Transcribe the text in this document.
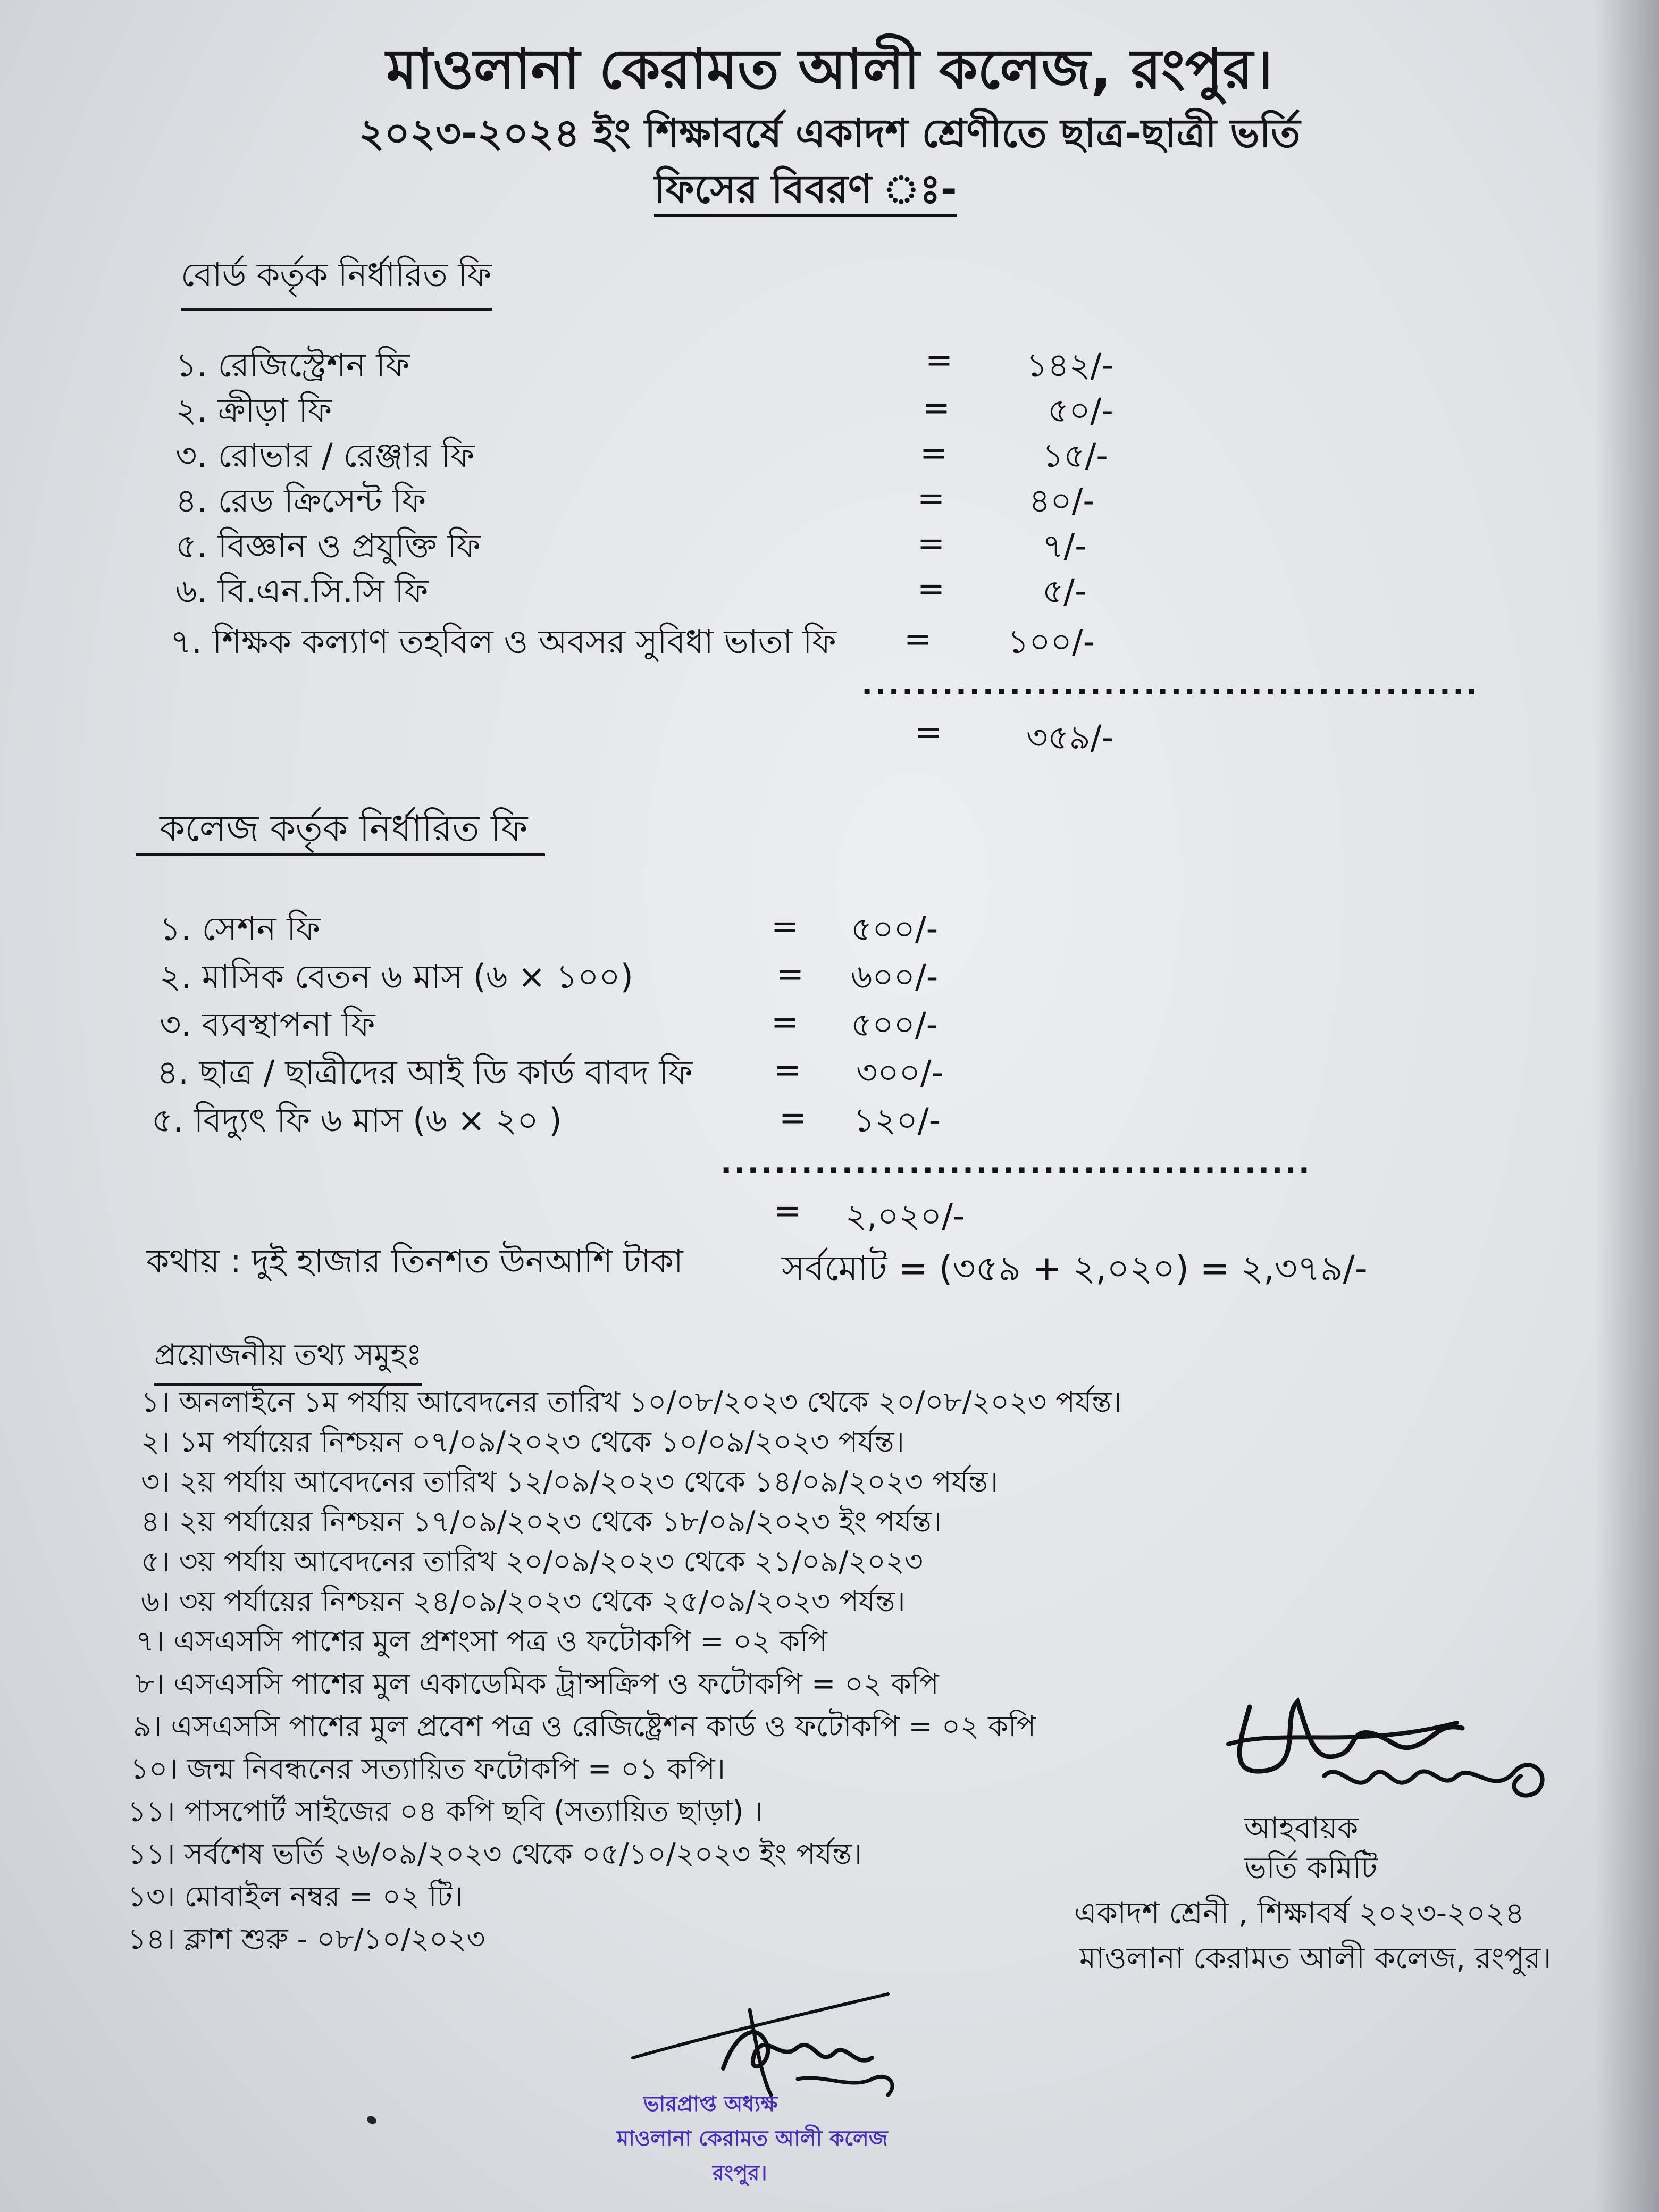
মাওলানা কেরামত আলী কলেজ, রংপুর।
২০২৩-২০২৪ ইং শিক্ষাবর্ষে একাদশ শ্রেণীতে ছাত্র-ছাত্রী ভর্তি
ফিসের বিবরণ ঃ-
বোর্ড কর্তৃক নির্ধারিত ফি
১. রেজিস্ট্রেশন ফি	= ১৪২/-
২. ক্রীড়া ফি	=	৫০/-
৩. রোভার / রেঞ্জার ফি	=	১৫/-
৪. রেড ক্রিসেন্ট ফি	=	৪০/-
৫. বিজ্ঞান ও প্রযুক্তি ফি	=	৭/-
৬. বি.এন.সি.সি ফি	=	৫/-
৭. শিক্ষক কল্যাণ তহবিল ও অবসর সুবিধা ভাতা ফি = ১০০/-
..............................................
=	৩৫৯/-
কলেজ কর্তৃক নির্ধারিত ফি
১. সেশন ফি	= ৫০০/-
২. মাসিক বেতন ৬ মাস (৬ × ১০০)	= ৬০০/-
৩. ব্যবস্থাপনা ফি	= ৫০০/-
৪. ছাত্র / ছাত্রীদের আই ডি কার্ড বাবদ ফি = ৩০০/-
৫. বিদ্যুৎ ফি ৬ মাস (৬ × ২০ )	= ১২০/-
............................................
= ২,০২০/-
কথায় : দুই হাজার তিনশত উনআশি টাকা	সর্বমোট = (৩৫৯ + ২,০২০) = ২,৩৭৯/-
প্রয়োজনীয় তথ্য সমুহঃ
১। অনলাইনে ১ম পর্যায় আবেদনের তারিখ ১০/০৮/২০২৩ থেকে ২০/০৮/২০২৩ পর্যন্ত।
২। ১ম পর্যায়ের নিশ্চয়ন ০৭/০৯/২০২৩ থেকে ১০/০৯/২০২৩ পর্যন্ত।
৩। ২য় পর্যায় আবেদনের তারিখ ১২/০৯/২০২৩ থেকে ১৪/০৯/২০২৩ পর্যন্ত।
৪। ২য় পর্যায়ের নিশ্চয়ন ১৭/০৯/২০২৩ থেকে ১৮/০৯/২০২৩ ইং পর্যন্ত।
৫। ৩য় পর্যায় আবেদনের তারিখ ২০/০৯/২০২৩ থেকে ২১/০৯/২০২৩
৬। ৩য় পর্যায়ের নিশ্চয়ন ২৪/০৯/২০২৩ থেকে ২৫/০৯/২০২৩ পর্যন্ত।
৭। এসএসসি পাশের মুল প্রশংসা পত্র ও ফটোকপি = ০২ কপি
৮। এসএসসি পাশের মুল একাডেমিক ট্রান্সক্রিপ ও ফটোকপি = ০২ কপি
৯। এসএসসি পাশের মুল প্রবেশ পত্র ও রেজিষ্ট্রেশন কার্ড ও ফটোকপি = ০২ কপি
১০। জন্ম নিবন্ধনের সত্যায়িত ফটোকপি = ০১ কপি।
১১। পাসপোর্ট সাইজের ০৪ কপি ছবি (সত্যায়িত ছাড়া) ।
১১। সর্বশেষ ভর্তি ২৬/০৯/২০২৩ থেকে ০৫/১০/২০২৩ ইং পর্যন্ত।
১৩। মোবাইল নম্বর = ০২ টি।
১৪। ক্লাশ শুরু - ০৮/১০/২০২৩
আহবায়ক
ভর্তি কমিটি
একাদশ শ্রেনী , শিক্ষাবর্ষ ২০২৩-২০২৪
মাওলানা কেরামত আলী কলেজ, রংপুর।
ভারপ্রাপ্ত অধ্যক্ষ
মাওলানা কেরামত আলী কলেজ
রংপুর।
